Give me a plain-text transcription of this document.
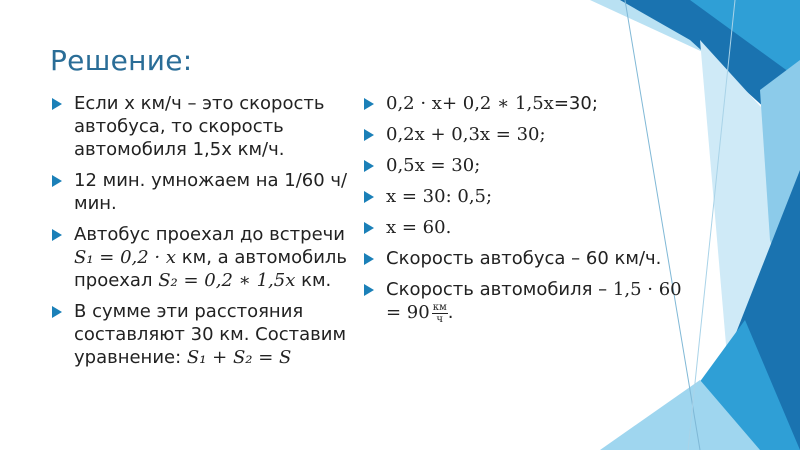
Решение:
Если х км/ч – это скорость автобуса, то скорость автомобиля 1,5х км/ч.
12 мин. умножаем на 1/60 ч/мин.
Автобус проехал до встречи S₁ = 0,2 · x км, а автомобиль проехал S₂ = 0,2 ∗ 1,5x км.
В сумме эти расстояния составляют 30 км. Составим уравнение: S₁ + S₂ = S
0,2 · x+ 0,2 ∗ 1,5x=30;
0,2x + 0,3x = 30;
0,5x = 30;
x = 30: 0,5;
x = 60.
Скорость автобуса – 60 км/ч.
Скорость автомобиля – $1,5 \cdot 60 = 90 \frac{км}{ч}$ .
